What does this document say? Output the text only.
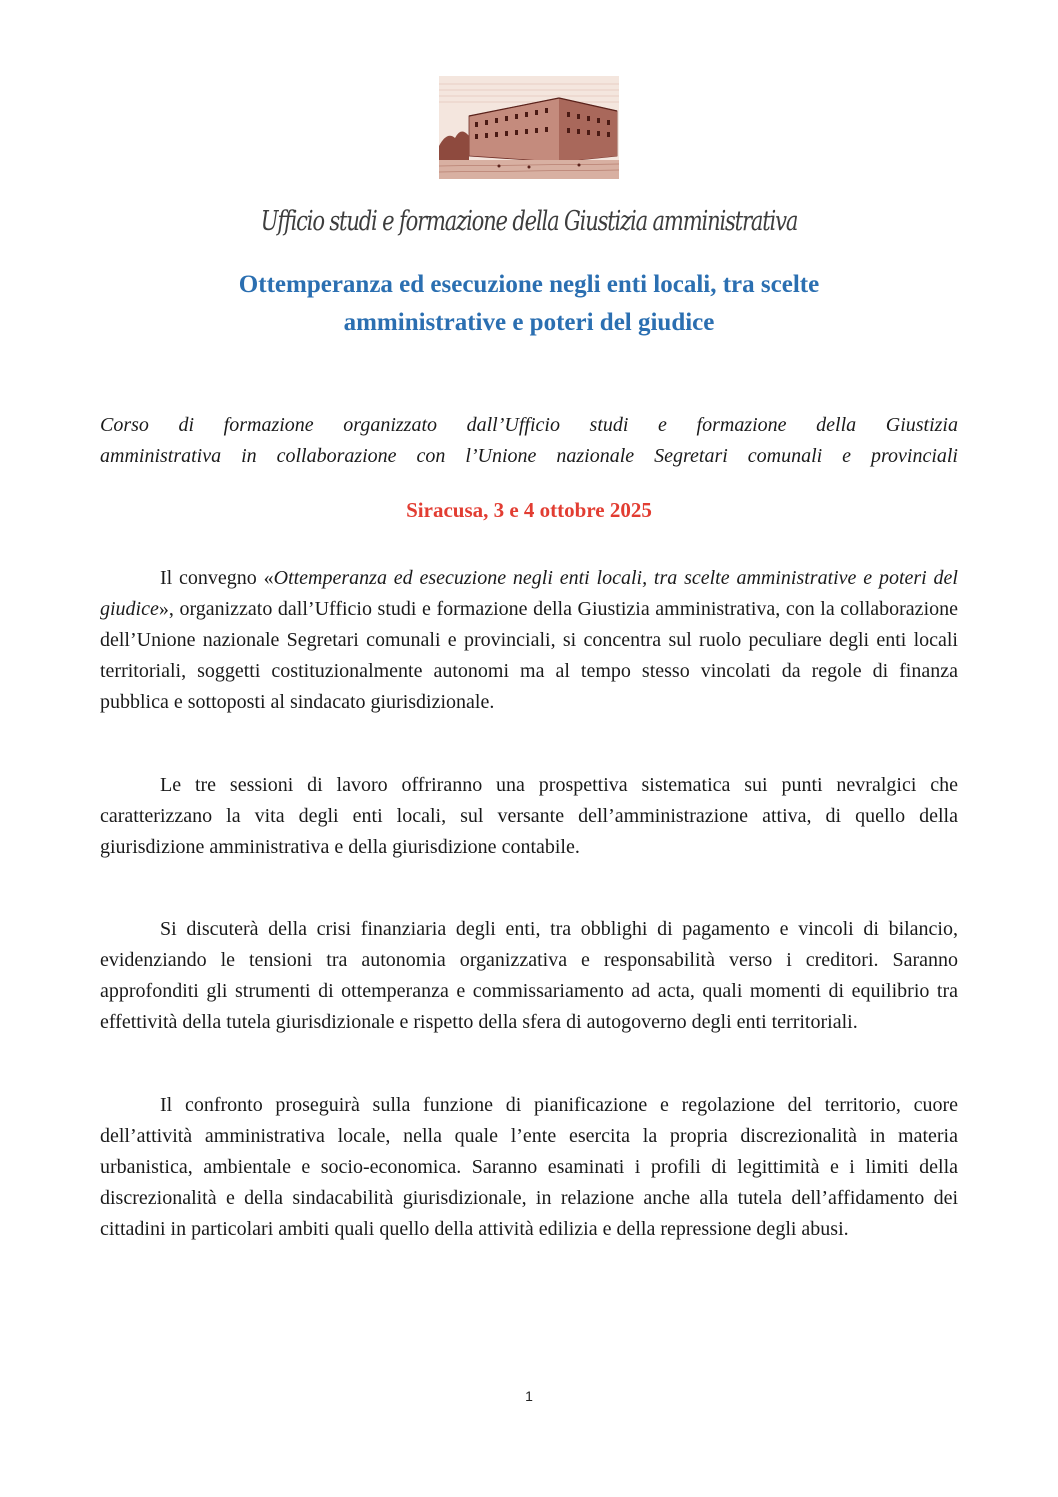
Ufficio studi e formazione della Giustizia amministrativa
Ottemperanza ed esecuzione negli enti locali, tra scelte
amministrative e poteri del giudice
Corso di formazione organizzato dall’Ufficio studi e formazione della Giustizia
amministrativa in collaborazione con l’Unione nazionale Segretari comunali e provinciali
Siracusa, 3 e 4 ottobre 2025

Il convegno «Ottemperanza ed esecuzione negli enti locali, tra scelte amministrative e poteri del giudice», organizzato dall’Ufficio studi e formazione della Giustizia amministrativa, con la collaborazione dell’Unione nazionale Segretari comunali e provinciali, si concentra sul ruolo peculiare degli enti locali territoriali, soggetti costituzionalmente autonomi ma al tempo stesso vincolati da regole di finanza pubblica e sottoposti al sindacato giurisdizionale.

Le tre sessioni di lavoro offriranno una prospettiva sistematica sui punti nevralgici che caratterizzano la vita degli enti locali, sul versante dell’amministrazione attiva, di quello della giurisdizione amministrativa e della giurisdizione contabile.

Si discuterà della crisi finanziaria degli enti, tra obblighi di pagamento e vincoli di bilancio, evidenziando le tensioni tra autonomia organizzativa e responsabilità verso i creditori. Saranno approfonditi gli strumenti di ottemperanza e commissariamento ad acta, quali momenti di equilibrio tra effettività della tutela giurisdizionale e rispetto della sfera di autogoverno degli enti territoriali.

Il confronto proseguirà sulla funzione di pianificazione e regolazione del territorio, cuore dell’attività amministrativa locale, nella quale l’ente esercita la propria discrezionalità in materia urbanistica, ambientale e socio-economica. Saranno esaminati i profili di legittimità e i limiti della discrezionalità e della sindacabilità giurisdizionale, in relazione anche alla tutela dell’affidamento dei cittadini in particolari ambiti quali quello della attività edilizia e della repressione degli abusi.

1
